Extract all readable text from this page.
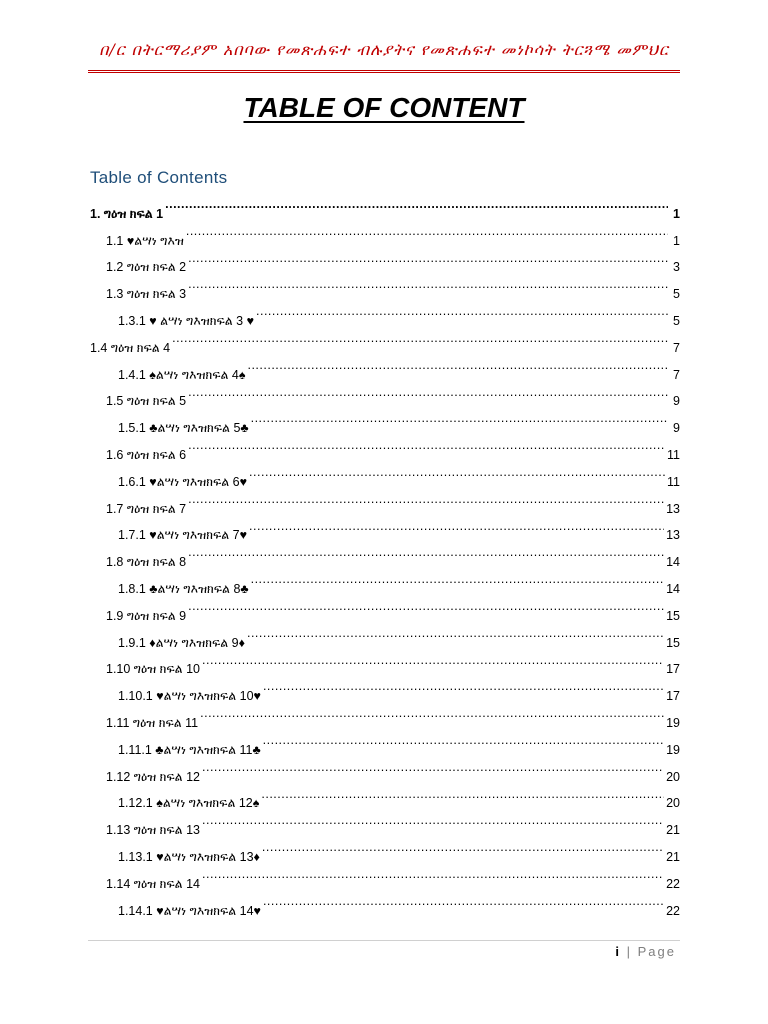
በ/ር በትርማሪያም አበባው የመጽሐፍተ ብሉያትና የመጽሐፍተ መነኮሳት ትርጓሜ መምህር
TABLE OF CONTENT
Table of Contents
1. ግዕዝ ክፍል 1 .....	1
1.1 ♥ልሣነ ግእዝ .....	1
1.2 ግዕዝ ክፍል 2 .....	3
1.3 ግዕዝ ክፍል 3 .....	5
1.3.1 ♥ ልሣነ ግእዝክፍል 3 ♥ .....	5
1.4 ግዕዝ ክፍል 4 .....	7
1.4.1 ♠ልሣነ ግእዝክፍል 4♠ .....	7
1.5 ግዕዝ ክፍል 5 .....	9
1.5.1 ♣ልሣነ ግእዝክፍል 5♣ .....	9
1.6 ግዕዝ ክፍል 6 .....	11
1.6.1 ♥ልሣነ ግእዝክፍል 6♥ .....	11
1.7 ግዕዝ ክፍል 7 .....	13
1.7.1 ♥ልሣነ ግእዝክፍል 7♥ .....	13
1.8 ግዕዝ ክፍል 8 .....	14
1.8.1 ♣ልሣነ ግእዝክፍል 8♣ .....	14
1.9 ግዕዝ ክፍል 9 .....	15
1.9.1 ♦ልሣነ ግእዝክፍል 9♦ .....	15
1.10 ግዕዝ ክፍል 10 .....	17
1.10.1 ♥ልሣነ ግእዝክፍል 10♥ .....	17
1.11 ግዕዝ ክፍል 11 .....	19
1.11.1 ♣ልሣነ ግእዝክፍል 11♣ .....	19
1.12 ግዕዝ ክፍል 12 .....	20
1.12.1 ♠ልሣነ ግእዝክፍል 12♠ .....	20
1.13 ግዕዝ ክፍል 13 .....	21
1.13.1 ♥ልሣነ ግእዝክፍል 13♦ .....	21
1.14 ግዕዝ ክፍል 14 .....	22
1.14.1 ♥ልሣነ ግእዝክፍል 14♥ .....	22
i | Page
